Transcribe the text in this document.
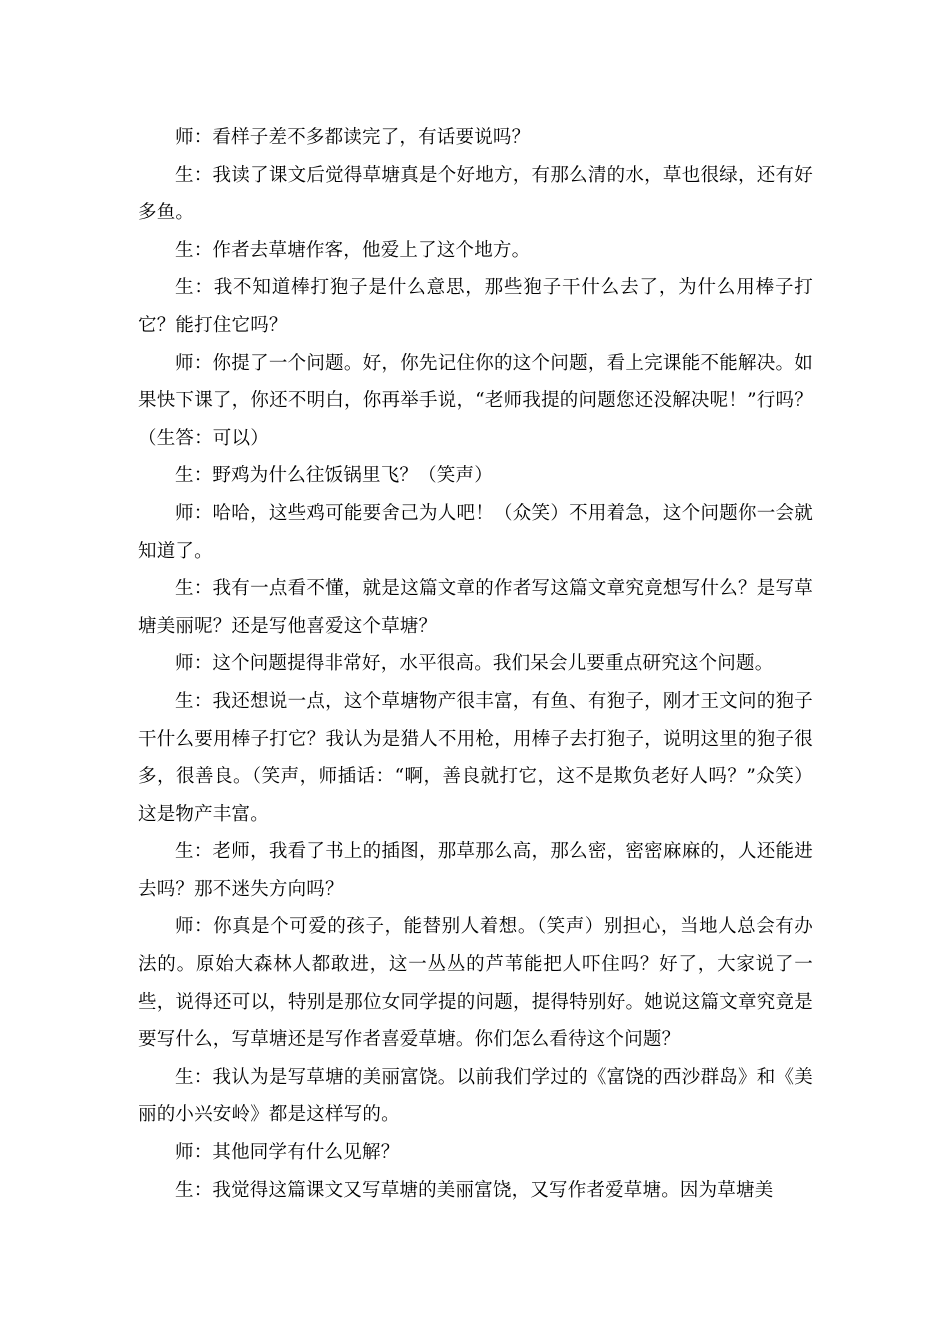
师：看样子差不多都读完了，有话要说吗？

生：我读了课文后觉得草塘真是个好地方，有那么清的水，草也很绿，还有好多鱼。

生：作者去草塘作客，他爱上了这个地方。

生：我不知道棒打狍子是什么意思，那些狍子干什么去了，为什么用棒子打它？能打住它吗？

师：你提了一个问题。好，你先记住你的这个问题，看上完课能不能解决。如果快下课了，你还不明白，你再举手说，“老师我提的问题您还没解决呢！”行吗？（生答：可以）

生：野鸡为什么往饭锅里飞？（笑声）

师：哈哈，这些鸡可能要舍己为人吧！（众笑）不用着急，这个问题你一会就知道了。

生：我有一点看不懂，就是这篇文章的作者写这篇文章究竟想写什么？是写草塘美丽呢？还是写他喜爱这个草塘？

师：这个问题提得非常好，水平很高。我们呆会儿要重点研究这个问题。

生：我还想说一点，这个草塘物产很丰富，有鱼、有狍子，刚才王文问的狍子干什么要用棒子打它？我认为是猎人不用枪，用棒子去打狍子，说明这里的狍子很多，很善良。（笑声，师插话：“啊，善良就打它，这不是欺负老好人吗？”众笑）这是物产丰富。

生：老师，我看了书上的插图，那草那么高，那么密，密密麻麻的，人还能进去吗？那不迷失方向吗？

师：你真是个可爱的孩子，能替别人着想。（笑声）别担心，当地人总会有办法的。原始大森林人都敢进，这一丛丛的芦苇能把人吓住吗？好了，大家说了一些，说得还可以，特别是那位女同学提的问题，提得特别好。她说这篇文章究竟是要写什么，写草塘还是写作者喜爱草塘。你们怎么看待这个问题？

生：我认为是写草塘的美丽富饶。以前我们学过的《富饶的西沙群岛》和《美丽的小兴安岭》都是这样写的。

师：其他同学有什么见解？

生：我觉得这篇课文又写草塘的美丽富饶，又写作者爱草塘。因为草塘美
